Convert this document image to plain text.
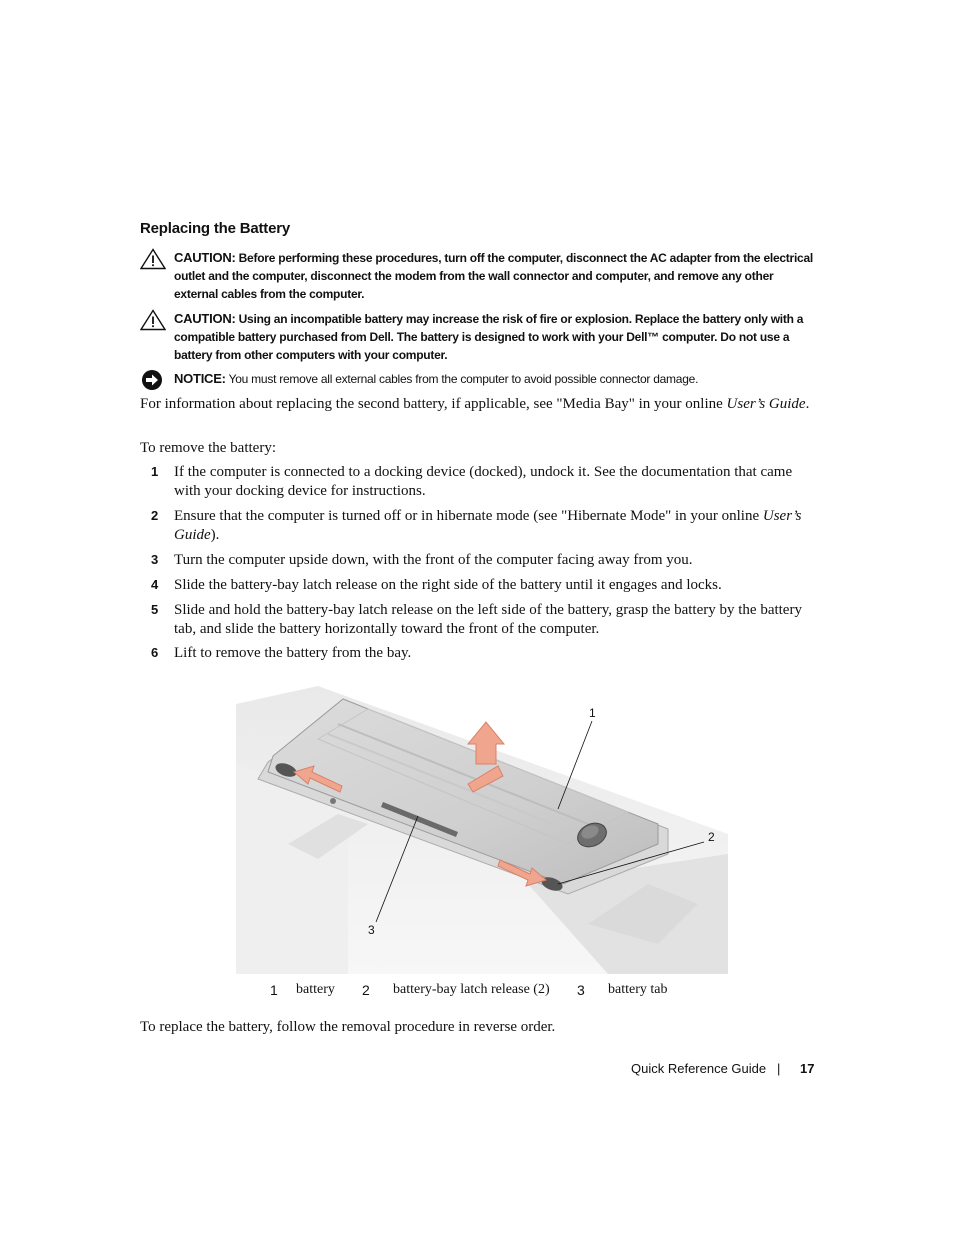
Replacing the Battery
CAUTION: Before performing these procedures, turn off the computer, disconnect the AC adapter from the electrical outlet and the computer, disconnect the modem from the wall connector and computer, and remove any other external cables from the computer.
CAUTION: Using an incompatible battery may increase the risk of fire or explosion. Replace the battery only with a compatible battery purchased from Dell. The battery is designed to work with your Dell™ computer. Do not use a battery from other computers with your computer.
NOTICE: You must remove all external cables from the computer to avoid possible connector damage.
For information about replacing the second battery, if applicable, see "Media Bay" in your online User’s Guide.
To remove the battery:
1 If the computer is connected to a docking device (docked), undock it. See the documentation that came with your docking device for instructions.
2 Ensure that the computer is turned off or in hibernate mode (see "Hibernate Mode" in your online User’s Guide).
3 Turn the computer upside down, with the front of the computer facing away from you.
4 Slide the battery-bay latch release on the right side of the battery until it engages and locks.
5 Slide and hold the battery-bay latch release on the left side of the battery, grasp the battery by the battery tab, and slide the battery horizontally toward the front of the computer.
6 Lift to remove the battery from the bay.
1
2
3
1 battery 2 battery-bay latch release (2) 3 battery tab
To replace the battery, follow the removal procedure in reverse order.
Quick Reference Guide | 17
